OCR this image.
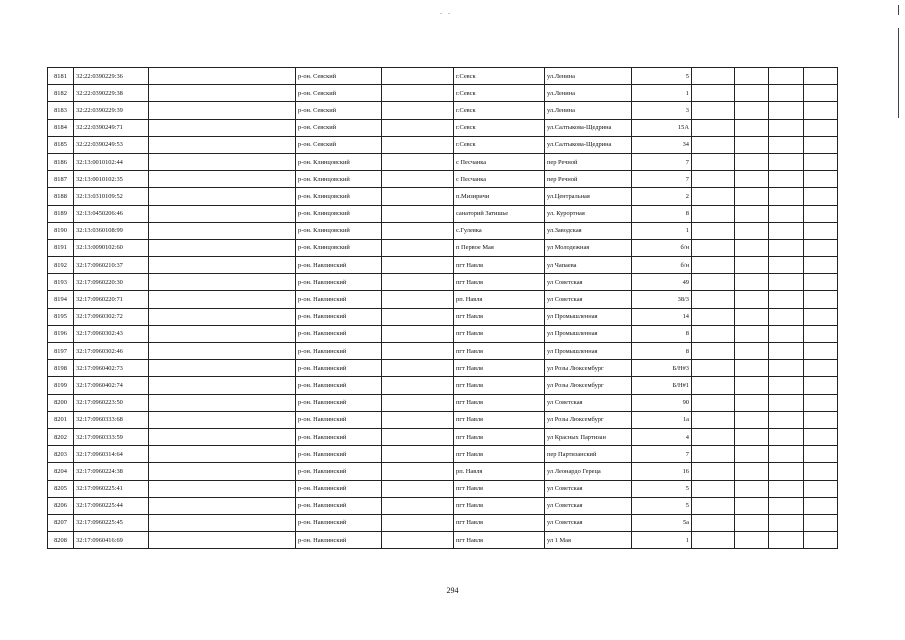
. .
8181	32:22:0390229:36		р-он. Севский		г.Севск	ул.Ленина	5				
8182	32:22:0390229:38		р-он. Севский		г.Севск	ул.Ленина	1				
8183	32:22:0390229:39		р-он. Севский		г.Севск	ул.Ленина	3				
8184	32:22:0390249:71		р-он. Севский		г.Севск	ул.Салтыкова-Щедрина	15А				
8185	32:22:0390249:53		р-он. Севский		г.Севск	ул.Салтыкова-Щедрина	34				
8186	32:13:0010102:44		р-он. Клинцовский		с Песчанка	пер Речной	7				
8187	32:13:0010102:35		р-он. Клинцовский		с Песчанка	пер Речной	7				
8188	32:13:0310109:52		р-он. Клинцовский		п.Мизиричи	ул.Центральная	2				
8189	32:13:0450206:46		р-он. Клинцовский		санаторий Затишье	ул. Курортная	8				
8190	32:13:0360108:99		р-он. Клинцовский		с.Гулевка	ул.Заводская	1				
8191	32:13:0090102:60		р-он. Клинцовский		п Первое Мая	ул Молодежная	б/н				
8192	32:17:0960210:37		р-он. Навлинский		пгт Навля	ул Чапаева	б/н				
8193	32:17:0960220:30		р-он. Навлинский		пгт Навля	ул Советская	49				
8194	32:17:0960220:71		р-он. Навлинский		рп. Навля	ул Советская	38/3				
8195	32:17:0960302:72		р-он. Навлинский		пгт Навля	ул Промышленная	14				
8196	32:17:0960302:43		р-он. Навлинский		пгт Навля	ул Промышленная	8				
8197	32:17:0960302:46		р-он. Навлинский		пгт Навля	ул Промышленная	8				
8198	32:17:0960402:73		р-он. Навлинский		пгт Навля	ул Розы Люксембург	Б/Н#3				
8199	32:17:0960402:74		р-он. Навлинский		пгт Навля	ул Розы Люксембург	Б/Н#1				
8200	32:17:0960223:50		р-он. Навлинский		пгт Навля	ул Советская	90				
8201	32:17:0960333:68		р-он. Навлинский		пгт Навля	ул Розы Люксембург	1а				
8202	32:17:0960333:59		р-он. Навлинский		пгт Навля	ул Красных Партизан	4				
8203	32:17:0960314:64		р-он. Навлинский		пгт Навля	пер Партизанский	7				
8204	32:17:0960224:38		р-он. Навлинский		рп. Навля	ул Леонардо Гереца	16				
8205	32:17:0960225:41		р-он. Навлинский		пгт Навля	ул Советская	5				
8206	32:17:0960225:44		р-он. Навлинский		пгт Навля	ул Советская	5				
8207	32:17:0960225:45		р-он. Навлинский		пгт Навля	ул Советская	5а				
8208	32:17:0960416:69		р-он. Навлинский		пгт Навля	ул 1 Мая	1				
294
